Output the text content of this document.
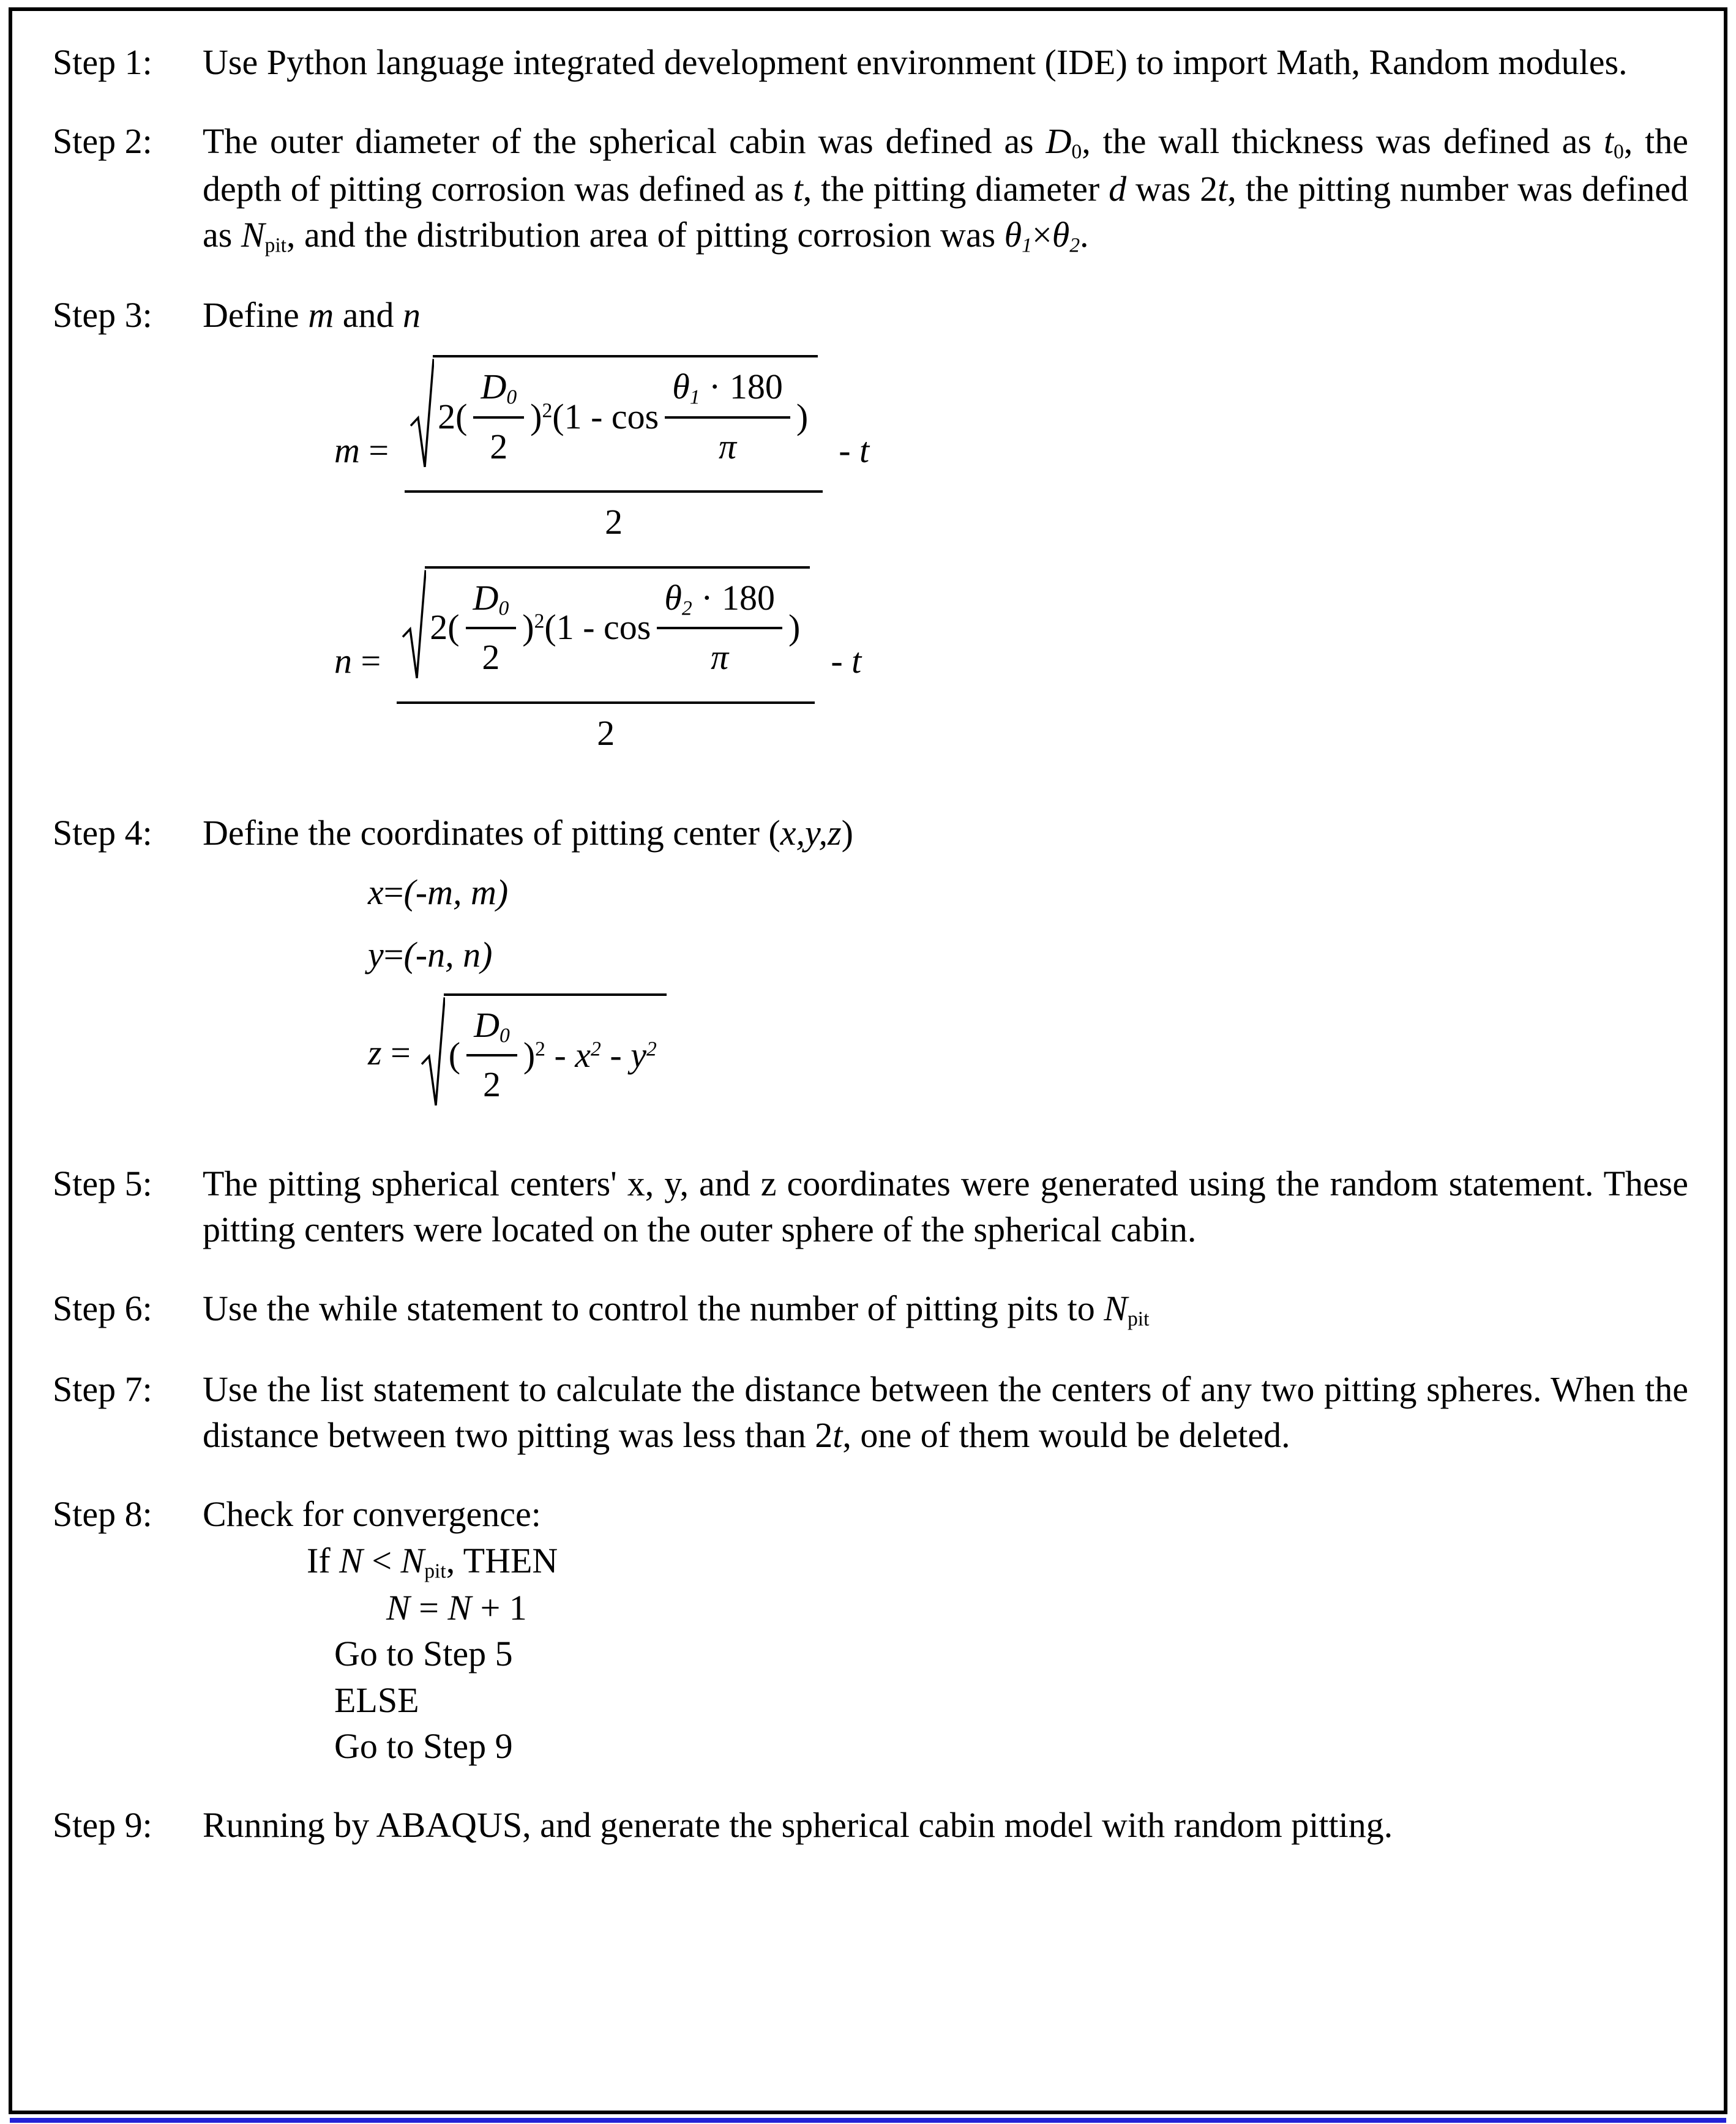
Step 1:	Use Python language integrated development environment (IDE) to import Math, Random modules.
Step 2:	The outer diameter of the spherical cabin was defined as $D_0$, the wall thickness was defined as $t_0$, the depth of pitting corrosion was defined as t, the pitting diameter d was 2t, the pitting number was defined as $N_{pit}$, and the distribution area of pitting corrosion was $\theta_1\times\theta_2$.
Step 3:	Define m and n
m =
$2( \frac{D_0}{2} )^2(1$ - $\cos \frac{\theta_1 \cdot 180}{\pi}$ )
2
- t
n =
$2( \frac{D_0}{2} )^2(1$ - $\cos \frac{\theta_2 \cdot 180}{\pi}$ )
2
- t
Step 4:	Define the coordinates of pitting center (x,y,z)
x = (-m, m)
y = (-n, n)
z = ( $\frac{D_0}{2} )^2 - x^2 - y^2$
Step 5:	The pitting spherical centers' x, y, and z coordinates were generated using the random statement. These pitting centers were located on the outer sphere of the spherical cabin.
Step 6:	Use the while statement to control the number of pitting pits to $N_{pit}$
Step 7:	Use the list statement to calculate the distance between the centers of any two pitting spheres. When the distance between two pitting was less than 2t, one of them would be deleted.
Step 8:	Check for convergence:
If $N < N_{pit}$, THEN
N = N + 1
Go to Step 5
ELSE
Go to Step 9
Step 9:	Running by ABAQUS, and generate the spherical cabin model with random pitting.
